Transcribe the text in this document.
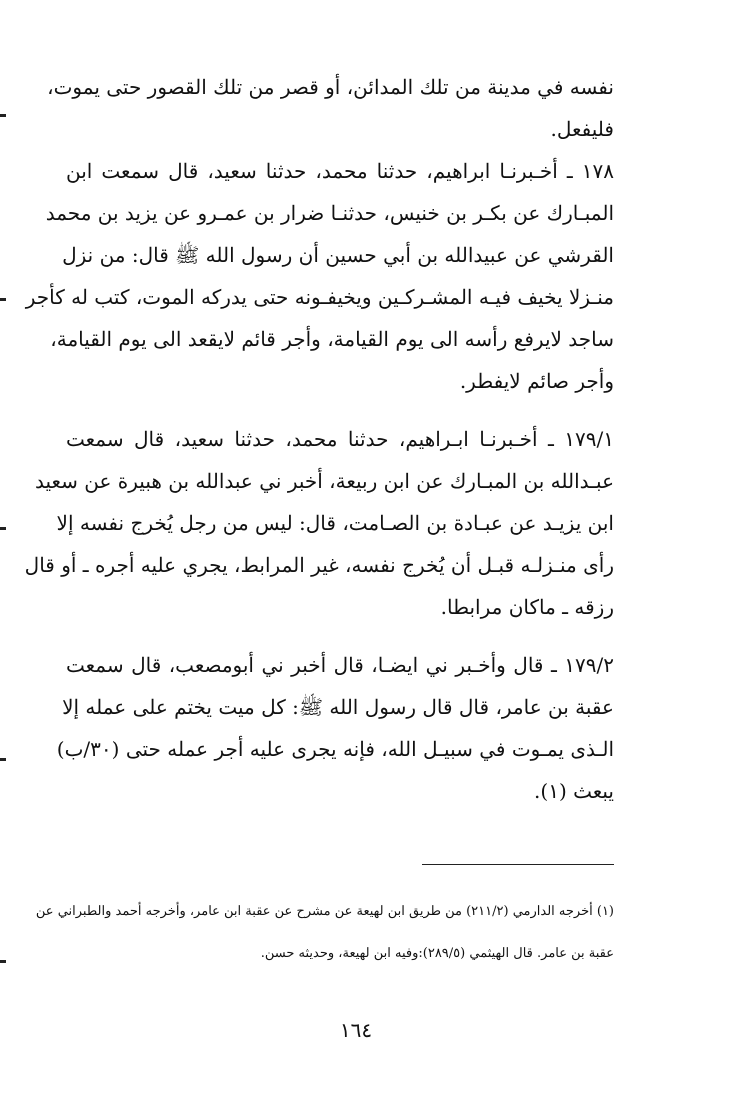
نفسه في مدينة من تلك المدائن، أو قصر من تلك القصور حتى يموت،
فليفعل.
١٧٨ ـ أخـبرنـا ابراهيم، حدثنا محمد، حدثنا سعيد، قال سمعت ابن
المبـارك عن بكـر بن خنيس، حدثنـا ضرار بن عمـرو عن يزيد بن محمد
القرشي عن عبيدالله بن أبي حسين أن رسول الله ﷺ قال: من نزل
منـزلا يخيف فيـه المشـركـين ويخيفـونه حتى يدركه الموت، كتب له كأجر
ساجد لايرفع رأسه الى يوم القيامة، وأجر قائم لايقعد الى يوم القيامة،
وأجر صائم لايفطر.
١٧٩/١ ـ أخـبرنـا ابـراهيم، حدثنا محمد، حدثنا سعيد، قال سمعت
عبـدالله بن المبـارك عن ابن ربيعة، أخبر ني عبدالله بن هبيرة عن سعيد
ابن يزيـد عن عبـادة بن الصـامت، قال: ليس من رجل يُخرج نفسه إلا
رأى منـزلـه قبـل أن يُخرج نفسه، غير المرابط، يجري عليه أجره ـ أو قال
رزقه ـ ماكان مرابطا.
١٧٩/٢ ـ قال وأخـبر ني ايضـا، قال أخبر ني أبومصعب، قال سمعت
عقبة بن عامر، قال قال رسول الله ﷺ: كل ميت يختم على عمله إلا
الـذى يمـوت في سبيـل الله، فإنه يجرى عليه أجر عمله حتى (٣٠/ب)
يبعث (١).
(١) أخرجه الدارمي (٢١١/٢) من طريق ابن لهيعة عن مشرح عن عقبة ابن عامر، وأخرجه أحمد والطبراني عن
عقبة بن عامر. قال الهيثمي (٢٨٩/٥):وفيه ابن لهيعة، وحديثه حسن.
١٦٤
